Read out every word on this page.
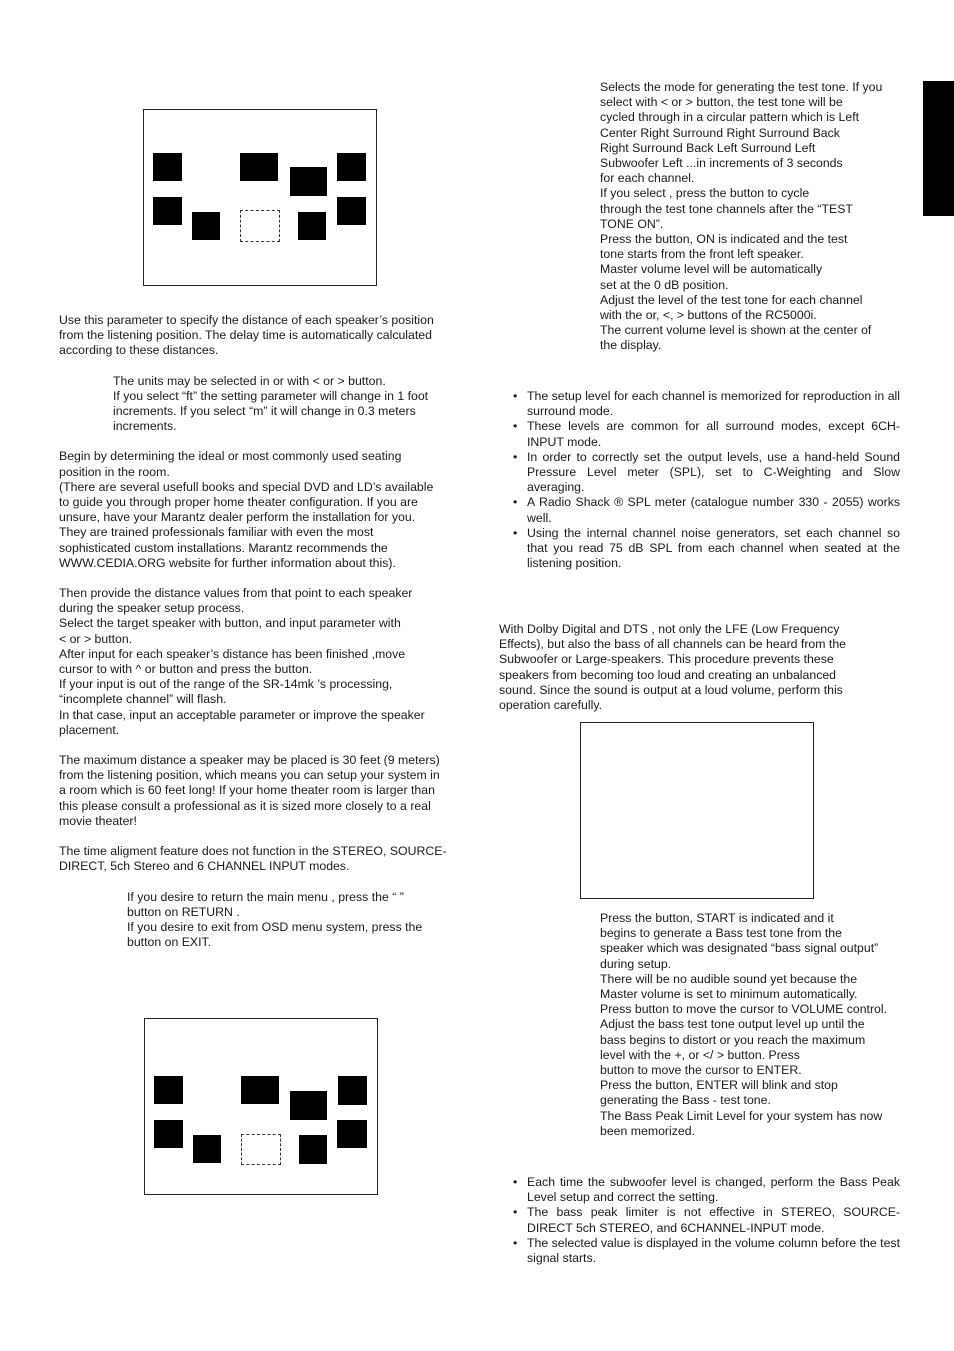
Use this parameter to specify the distance of each speaker’s position

from the listening position. The delay time is automatically calculated

according to these distances.

The units may be selected in or with < or > button.

If you select “ft” the setting parameter will change in 1 foot

increments. If you select “m” it will change in 0.3 meters

increments.

Begin by determining the ideal or most commonly used seating

position in the room.

(There are several usefull books and special DVD and LD’s available

to guide you through proper home theater configuration. If you are

unsure, have your Marantz dealer perform the installation for you.

They are trained professionals familiar with even the most

sophisticated custom installations. Marantz recommends the

WWW.CEDIA.ORG website for further information about this).

Then provide the distance values from that point to each speaker

during the speaker setup process.

Select the target speaker with button, and input parameter with

< or > button.

After input for each speaker’s distance has been finished ,move

cursor to with ^ or button and press the button.

If your input is out of the range of the SR-14mk ’s processing,

“incomplete channel” will flash.

In that case, input an acceptable parameter or improve the speaker

placement.

The maximum distance a speaker may be placed is 30 feet (9 meters)

from the listening position, which means you can setup your system in

a room which is 60 feet long! If your home theater room is larger than

this please consult a professional as it is sized more closely to a real

movie theater!

The time aligment feature does not function in the STEREO, SOURCE-

DIRECT, 5ch Stereo and 6 CHANNEL INPUT modes.

If you desire to return the main menu , press the “ ”

button on RETURN .

If you desire to exit from OSD menu system, press the

button on EXIT.

Selects the mode for generating the test tone. If you

select with < or > button, the test tone will be

cycled through in a circular pattern which is Left

Center Right Surround Right Surround Back

Right Surround Back Left Surround Left

Subwoofer Left ...in increments of 3 seconds

for each channel.

If you select , press the button to cycle

through the test tone channels after the “TEST

TONE ON”.

Press the button, ON is indicated and the test

tone starts from the front left speaker.

Master volume level will be automatically

set at the 0 dB position.

Adjust the level of the test tone for each channel

with the or, <, > buttons of the RC5000i.

The current volume level is shown at the center of

the display.

• The setup level for each channel is memorized for reproduction in all surround mode.
• These levels are common for all surround modes, except 6CH-INPUT mode.
• In order to correctly set the output levels, use a hand-held Sound Pressure Level meter (SPL), set to C-Weighting and Slow averaging.
• A Radio Shack ® SPL meter (catalogue number 330 - 2055) works well.
• Using the internal channel noise generators, set each channel so that you read 75 dB SPL from each channel when seated at the listening position.

With Dolby Digital and DTS , not only the LFE (Low Frequency

Effects), but also the bass of all channels can be heard from the

Subwoofer or Large-speakers. This procedure prevents these

speakers from becoming too loud and creating an unbalanced

sound. Since the sound is output at a loud volume, perform this

operation carefully.

Press the button, START is indicated and it

begins to generate a Bass test tone from the

speaker which was designated “bass signal output”

during setup.

There will be no audible sound yet because the

Master volume is set to minimum automatically.

Press button to move the cursor to VOLUME control.

Adjust the bass test tone output level up until the

bass begins to distort or you reach the maximum

level with the +, or </ > button. Press

button to move the cursor to ENTER.

Press the button, ENTER will blink and stop

generating the Bass - test tone.

The Bass Peak Limit Level for your system has now

been memorized.

• Each time the subwoofer level is changed, perform the Bass Peak Level setup and correct the setting.
• The bass peak limiter is not effective in STEREO, SOURCE-DIRECT 5ch STEREO, and 6CHANNEL-INPUT mode.
• The selected value is displayed in the volume column before the test signal starts.
